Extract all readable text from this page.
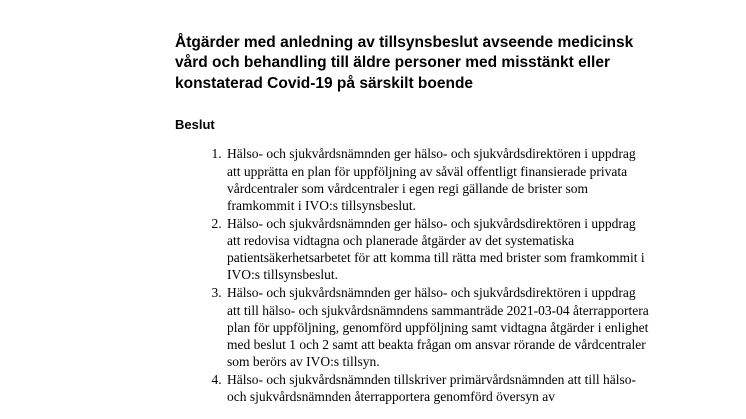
Åtgärder med anledning av tillsynsbeslut avseende medicinsk vård och behandling till äldre personer med misstänkt eller konstaterad Covid-19 på särskilt boende
Beslut
1. Hälso- och sjukvårdsnämnden ger hälso- och sjukvårdsdirektören i uppdrag att upprätta en plan för uppföljning av såväl offentligt finansierade privata vårdcentraler som vårdcentraler i egen regi gällande de brister som framkommit i IVO:s tillsynsbeslut.
2. Hälso- och sjukvårdsnämnden ger hälso- och sjukvårdsdirektören i uppdrag att redovisa vidtagna och planerade åtgärder av det systematiska patientsäkerhetsarbetet för att komma till rätta med brister som framkommit i IVO:s tillsynsbeslut.
3. Hälso- och sjukvårdsnämnden ger hälso- och sjukvårdsdirektören i uppdrag att till hälso- och sjukvårdsnämndens sammanträde 2021-03-04 återrapportera plan för uppföljning, genomförd uppföljning samt vidtagna åtgärder i enlighet med beslut 1 och 2 samt att beakta frågan om ansvar rörande de vårdcentraler som berörs av IVO:s tillsyn.
4. Hälso- och sjukvårdsnämnden tillskriver primärvårdsnämnden att till hälso- och sjukvårdsnämnden återrapportera genomförd översyn av
